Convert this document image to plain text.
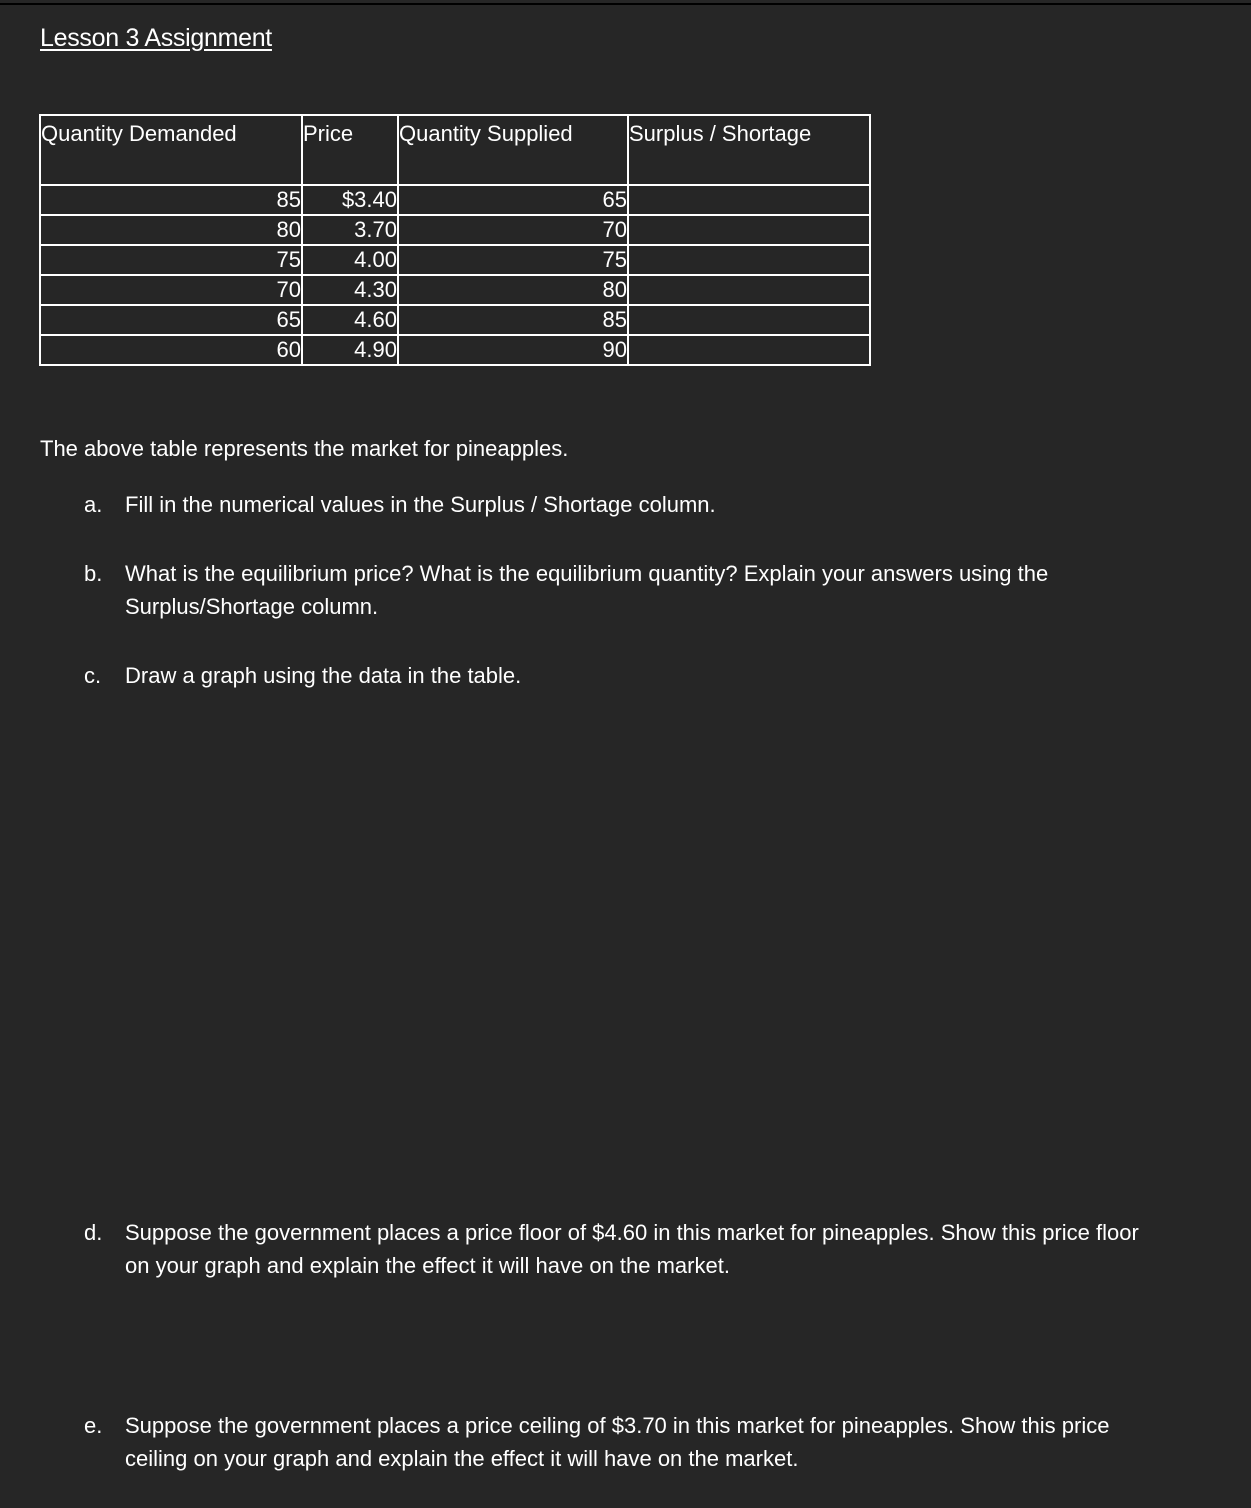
Lesson 3 Assignment
Quantity Demanded	Price	Quantity Supplied	Surplus / Shortage
85	$3.40	65	
80	3.70	70	
75	4.00	75	
70	4.30	80	
65	4.60	85	
60	4.90	90	
The above table represents the market for pineapples.
a.	Fill in the numerical values in the Surplus / Shortage column.
b.	What is the equilibrium price? What is the equilibrium quantity? Explain your answers using the Surplus/Shortage column.
c.	Draw a graph using the data in the table.
d.	Suppose the government places a price floor of $4.60 in this market for pineapples. Show this price floor on your graph and explain the effect it will have on the market.
e.	Suppose the government places a price ceiling of $3.70 in this market for pineapples. Show this price ceiling on your graph and explain the effect it will have on the market.
